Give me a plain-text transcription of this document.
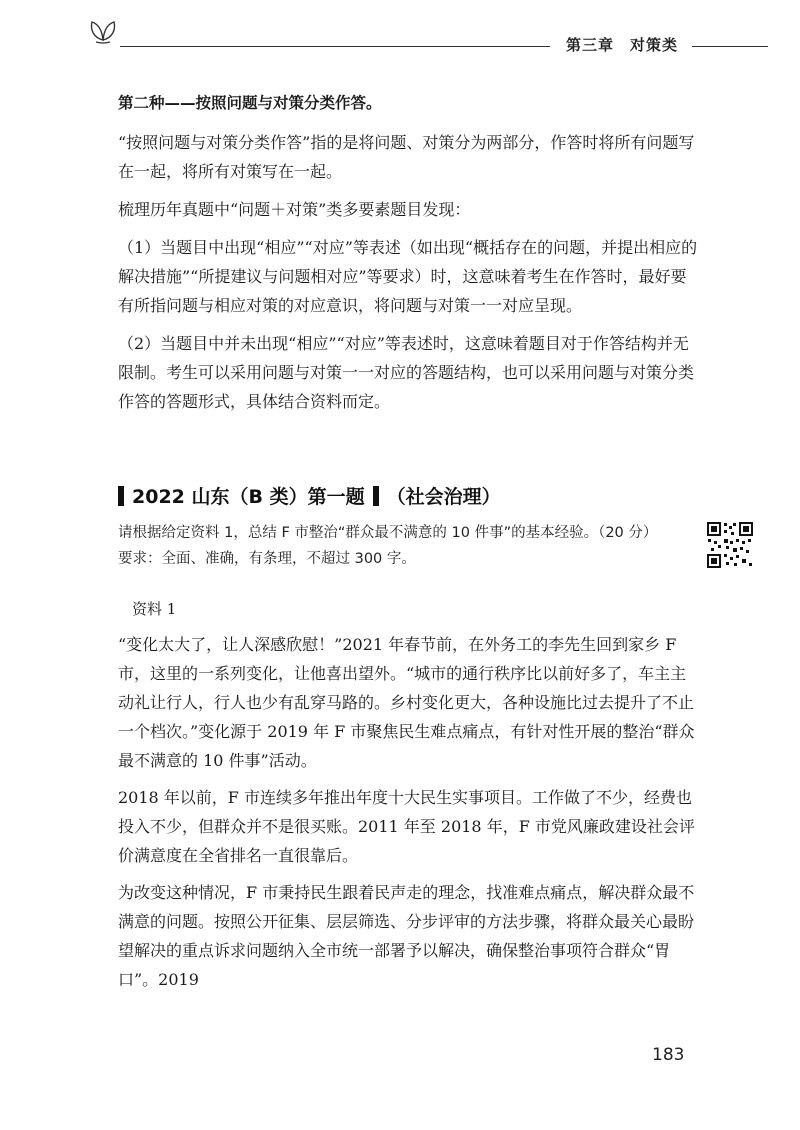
第三章　对策类

第二种——按照问题与对策分类作答。

“按照问题与对策分类作答”指的是将问题、对策分为两部分，作答时将所有问题写在一起，将所有对策写在一起。

梳理历年真题中“问题＋对策”类多要素题目发现：

（1）当题目中出现“相应”“对应”等表述（如出现“概括存在的问题，并提出相应的解决措施”“所提建议与问题相对应”等要求）时，这意味着考生在作答时，最好要有所指问题与相应对策的对应意识，将问题与对策一一对应呈现。

（2）当题目中并未出现“相应”“对应”等表述时，这意味着题目对于作答结构并无限制。考生可以采用问题与对策一一对应的答题结构，也可以采用问题与对策分类作答的答题形式，具体结合资料而定。

2022 山东（B 类）第一题 （社会治理）
请根据给定资料 1，总结 F 市整治“群众最不满意的 10 件事”的基本经验。（20 分）
要求：全面、准确，有条理，不超过 300 字。
资料 1

“变化太大了，让人深感欣慰！”2021 年春节前，在外务工的李先生回到家乡 F 市，这里的一系列变化，让他喜出望外。“城市的通行秩序比以前好多了，车主主动礼让行人，行人也少有乱穿马路的。乡村变化更大，各种设施比过去提升了不止一个档次。”变化源于 2019 年 F 市聚焦民生难点痛点，有针对性开展的整治“群众最不满意的 10 件事”活动。

2018 年以前，F 市连续多年推出年度十大民生实事项目。工作做了不少，经费也投入不少，但群众并不是很买账。2011 年至 2018 年，F 市党风廉政建设社会评价满意度在全省排名一直很靠后。

为改变这种情况，F 市秉持民生跟着民声走的理念，找准难点痛点，解决群众最不满意的问题。按照公开征集、层层筛选、分步评审的方法步骤，将群众最关心最盼望解决的重点诉求问题纳入全市统一部署予以解决，确保整治事项符合群众“胃口”。2019

183
